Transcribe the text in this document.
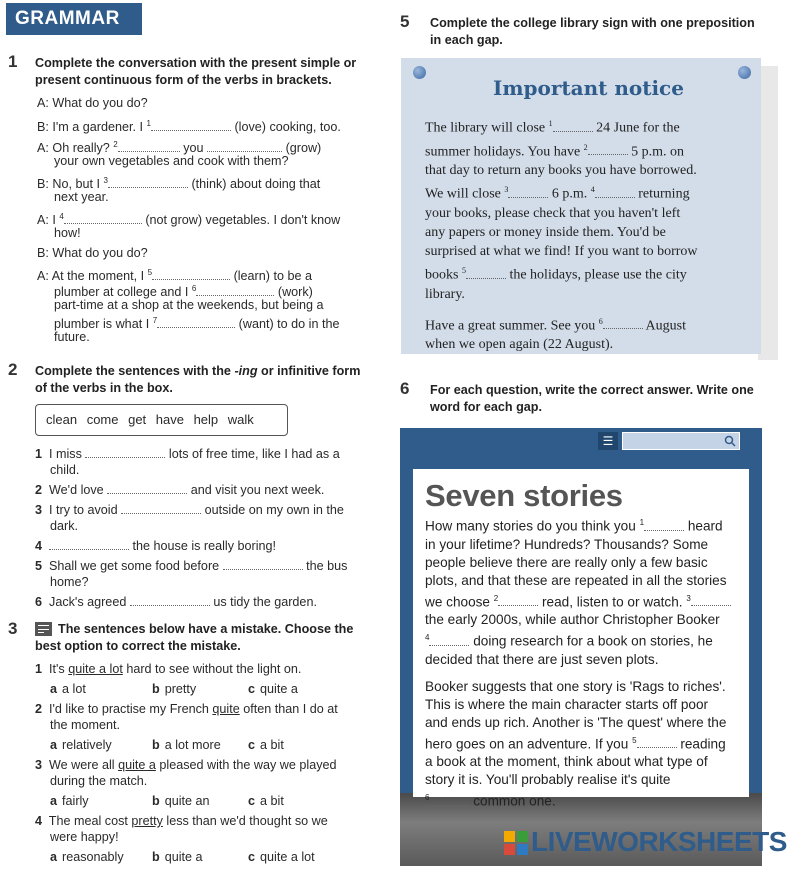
GRAMMAR
1 Complete the conversation with the present simple or
present continuous form of the verbs in brackets.
A: What do you do?
B: I'm a gardener. I $^1$	(love) cooking, too.
A: Oh really? $^2$	you	(grow)
your own vegetables and cook with them?
B: No, but I $^3$	(think) about doing that
next year.
A: I $^4$	(not grow) vegetables. I don't know
how!
B: What do you do?
A: At the moment, I $^5$	(learn) to be a
plumber at college and I $^6$	(work)
part-time at a shop at the weekends, but being a
plumber is what I $^7$	(want) to do in the
future.
2 Complete the sentences with the -ing or infinitive form
of the verbs in the box.
clean come get have help walk
1 I miss	lots of free time, like I had as a
child.
2 We'd love	and visit you next week.
3 I try to avoid	outside on my own in the
dark.
4	the house is really boring!
5 Shall we get some food before	the bus
home?
6 Jack's agreed	us tidy the garden.
3	The sentences below have a mistake. Choose the
best option to correct the mistake.
1 It's quite a lot hard to see without the light on.
a a lot	b pretty	c quite a
2 I'd like to practise my French quite often than I do at
the moment.
a relatively	b a lot more c a bit
3 We were all quite a pleased with the way we played
during the match.
a fairly	b quite an	c a bit
4 The meal cost pretty less than we'd thought so we
were happy!
a reasonably b quite a	c quite a lot
5 Complete the college library sign with one preposition
in each gap.
Important notice
The library will close $^1$	24 June for the
summer holidays. You have $^2$	5 p.m. on
that day to return any books you have borrowed.
We will close $^3$	6 p.m. $^4$	returning
your books, please check that you haven't left
any papers or money inside them. You'd be
surprised at what we find! If you want to borrow
books $^5$	the holidays, please use the city
library.
Have a great summer. See you $^6$	August
when we open again (22 August).
6 For each question, write the correct answer. Write one
word for each gap.
☰
Seven stories
How many stories do you think you $^1$	heard
in your lifetime? Hundreds? Thousands? Some
people believe there are really only a few basic
plots, and that these are repeated in all the stories
we choose $^2$	read, listen to or watch. $^3$
the early 2000s, while author Christopher Booker
$^4$	doing research for a book on stories, he
decided that there are just seven plots.
Booker suggests that one story is 'Rags to riches'.
This is where the main character starts off poor
and ends up rich. Another is 'The quest' where the
hero goes on an adventure. If you $^5$	reading
a book at the moment, think about what type of
story it is. You'll probably realise it's quite
$^6$	common one.
LIVEWORKSHEETS
